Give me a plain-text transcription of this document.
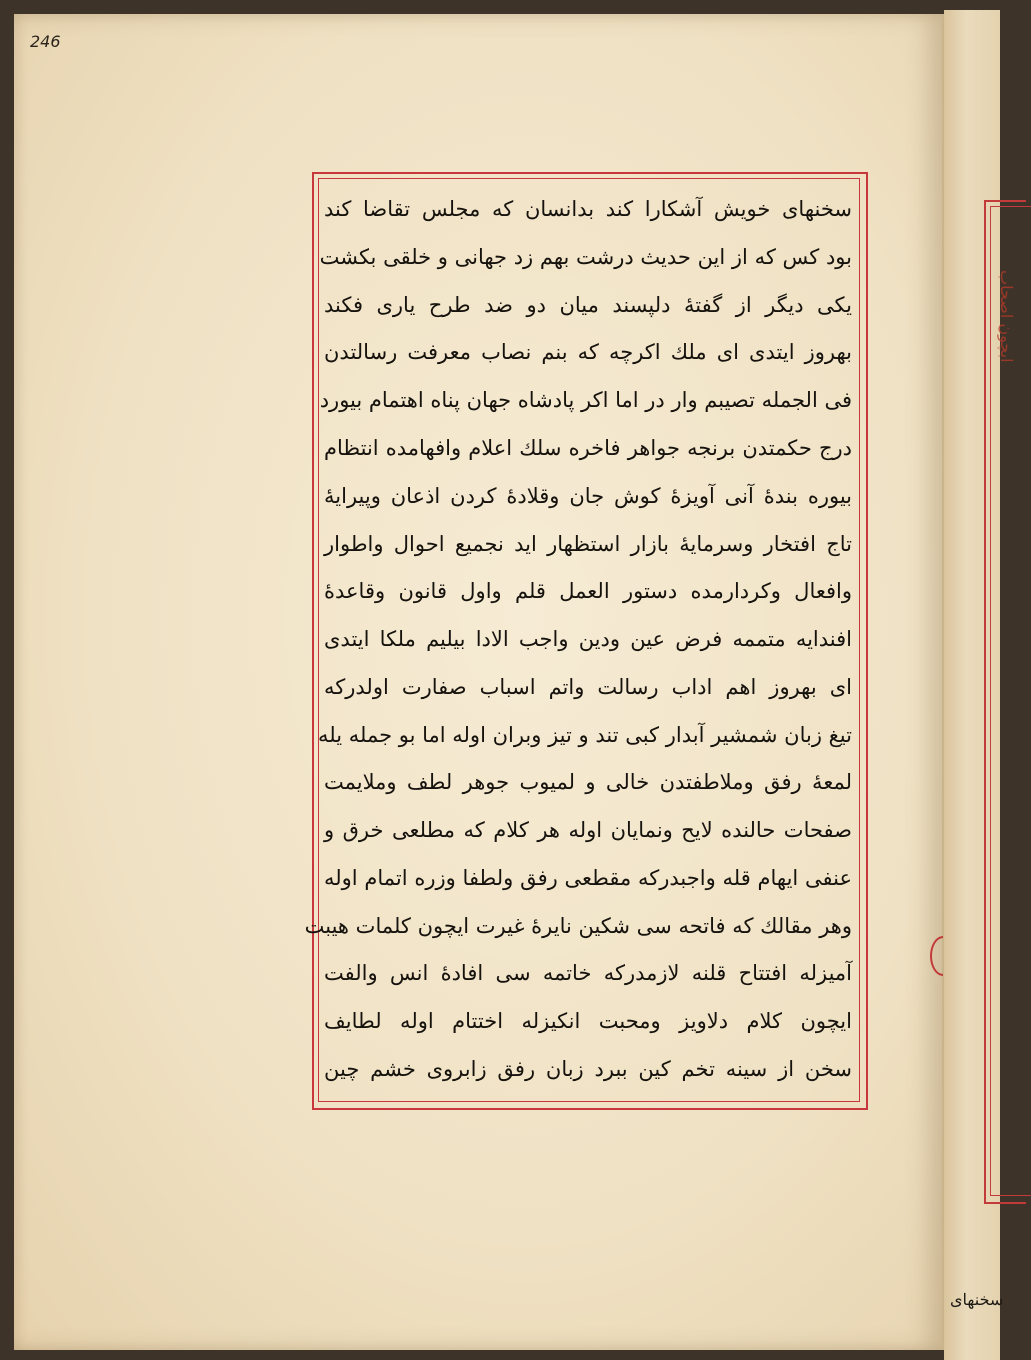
246
سخنهای خویش آشکارا کند بدانسان که مجلس تقاضا کند
بود کس که از این حدیث درشت بهم زد جهانی و خلقی بکشت
یکی دیگر از گفتهٔ دلپسند میان دو ضد طرح یاری فکند
بهروز ایتدی ای ملك اکرچه که بنم نصاب معرفت رسالتدن
فی الجمله تصیبم وار در اما اکر پادشاه جهان پناه اهتمام بیورد
درج حکمتدن برنجه جواهر فاخره سلك اعلام وافهامده انتظام
بیوره بندهٔ آنی آویزهٔ کوش جان وقلادهٔ کردن اذعان وپیرایهٔ
تاج افتخار وسرمایهٔ بازار استظهار اید نجمیع احوال واطوار
وافعال وکردارمده دستور العمل قلم واول قانون وقاعدهٔ
افندایه متممه فرض عین ودین واجب الادا بیلیم ملکا ایتدی
ای بهروز اهم اداب رسالت واتم اسباب صفارت اولدرکه
تیغ زبان شمشیر آبدار کبی تند و تیز وبران اوله اما بو جمله یله
لمعهٔ رفق وملاطفتدن خالی و لمیوب جوهر لطف وملایمت
صفحات حالنده لایح ونمایان اوله هر کلام که مطلعی خرق و
عنفی ایهام قله واجبدرکه مقطعی رفق ولطفا وزره اتمام اوله
وهر مقالك که فاتحه سی شکین نایرهٔ غیرت ایچون کلمات هیبت
آمیزله افتتاح قلنه لازمدرکه خاتمه سی افادهٔ انس والفت
ایچون کلام دلاویز ومحبت انکیزله اختتام اوله لطایف
سخن از سینه تخم کین ببرد زبان رفق زابروی خشم چین
ابچون اصحاب
سخنهای
